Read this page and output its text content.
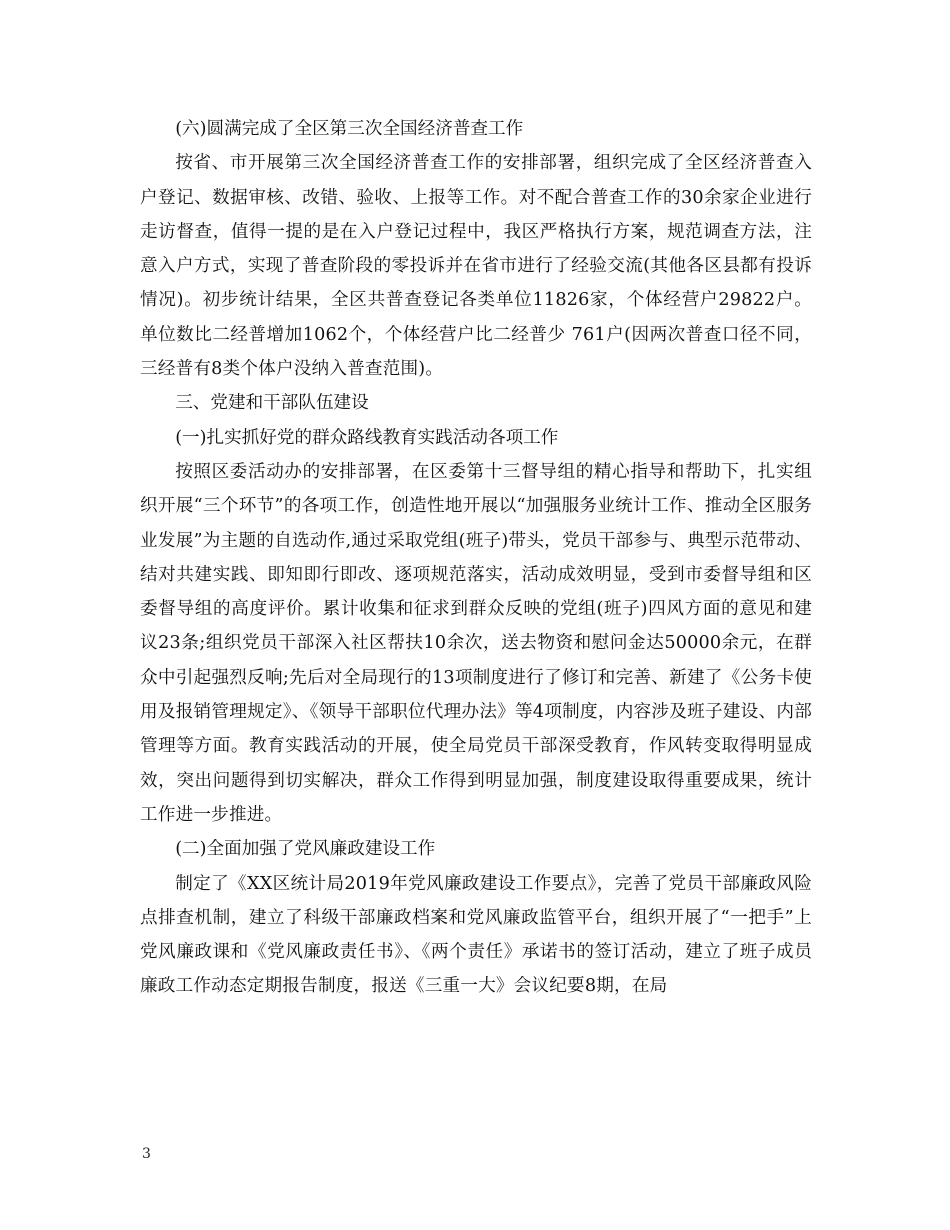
(六)圆满完成了全区第三次全国经济普查工作

按省、市开展第三次全国经济普查工作的安排部署，组织完成了全区经济普查入户登记、数据审核、改错、验收、上报等工作。对不配合普查工作的30余家企业进行走访督查，值得一提的是在入户登记过程中，我区严格执行方案，规范调查方法，注意入户方式，实现了普查阶段的零投诉并在省市进行了经验交流(其他各区县都有投诉情况)。初步统计结果，全区共普查登记各类单位11826家，个体经营户29822户。单位数比二经普增加1062个，个体经营户比二经普少 761户(因两次普查口径不同，三经普有8类个体户没纳入普查范围)。

三、党建和干部队伍建设

(一)扎实抓好党的群众路线教育实践活动各项工作

按照区委活动办的安排部署，在区委第十三督导组的精心指导和帮助下，扎实组织开展“三个环节”的各项工作，创造性地开展以“加强服务业统计工作、推动全区服务业发展”为主题的自选动作,通过采取党组(班子)带头，党员干部参与、典型示范带动、结对共建实践、即知即行即改、逐项规范落实，活动成效明显，受到市委督导组和区委督导组的高度评价。累计收集和征求到群众反映的党组(班子)四风方面的意见和建议23条;组织党员干部深入社区帮扶10余次，送去物资和慰问金达50000余元，在群众中引起强烈反响;先后对全局现行的13项制度进行了修订和完善、新建了《公务卡使用及报销管理规定》、《领导干部职位代理办法》等4项制度，内容涉及班子建设、内部管理等方面。教育实践活动的开展，使全局党员干部深受教育，作风转变取得明显成效，突出问题得到切实解决，群众工作得到明显加强，制度建设取得重要成果，统计工作进一步推进。

(二)全面加强了党风廉政建设工作

制定了《XX区统计局2019年党风廉政建设工作要点》，完善了党员干部廉政风险点排查机制，建立了科级干部廉政档案和党风廉政监管平台，组织开展了“一把手”上党风廉政课和《党风廉政责任书》、《两个责任》承诺书的签订活动，建立了班子成员廉政工作动态定期报告制度，报送《三重一大》会议纪要8期，在局

3
